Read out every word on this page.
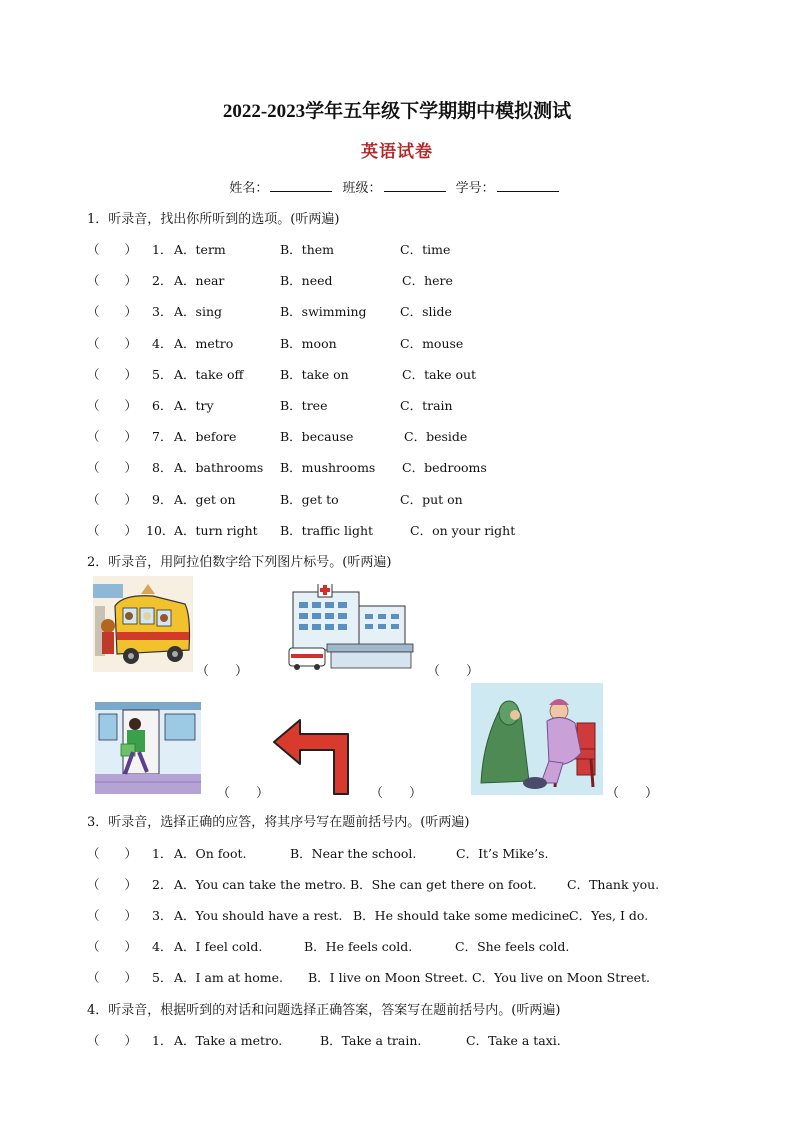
2022-2023学年五年级下学期期中模拟测试
英语试卷
姓名：	班级：	学号：
1．听录音，找出你所听到的选项。(听两遍)
（　　） 1． A．term	B．them	C．time
（　　） 2． A．near	B．need	C．here
（　　） 3． A．sing	B．swimming	C．slide
（　　） 4． A．metro	B．moon	C．mouse
（　　） 5． A．take off	B．take on	C．take out
（　　） 6． A．try	B．tree	C．train
（　　） 7． A．before	B．because	C．beside
（　　） 8． A．bathrooms B．mushrooms C．bedrooms
（　　） 9． A．get on	B．get to	C．put on
（　　） 10． A．turn right B．traffic light	C．on your right
2．听录音，用阿拉伯数字给下列图片标号。(听两遍)
（　　）	（　　）
（　　）	（　　）	（　　）
3．听录音，选择正确的应答，将其序号写在题前括号内。(听两遍)
（　　） 1． A．On foot.	B．Near the school.	C．It’s Mike’s.
（　　） 2． A．You can take the metro. B．She can get there on foot. C．Thank you.
（　　） 3． A．You should have a rest. B．He should take some medicine.
C．Yes, I do.
（　　） 4． A．I feel cold.	B．He feels cold.	C．She feels cold.
（　　） 5． A．I am at home. B．I live on Moon Street. C．You live on Moon Street.
4．听录音，根据听到的对话和问题选择正确答案，答案写在题前括号内。(听两遍)
（　　） 1． A．Take a metro.	B．Take a train.	C．Take a taxi.
